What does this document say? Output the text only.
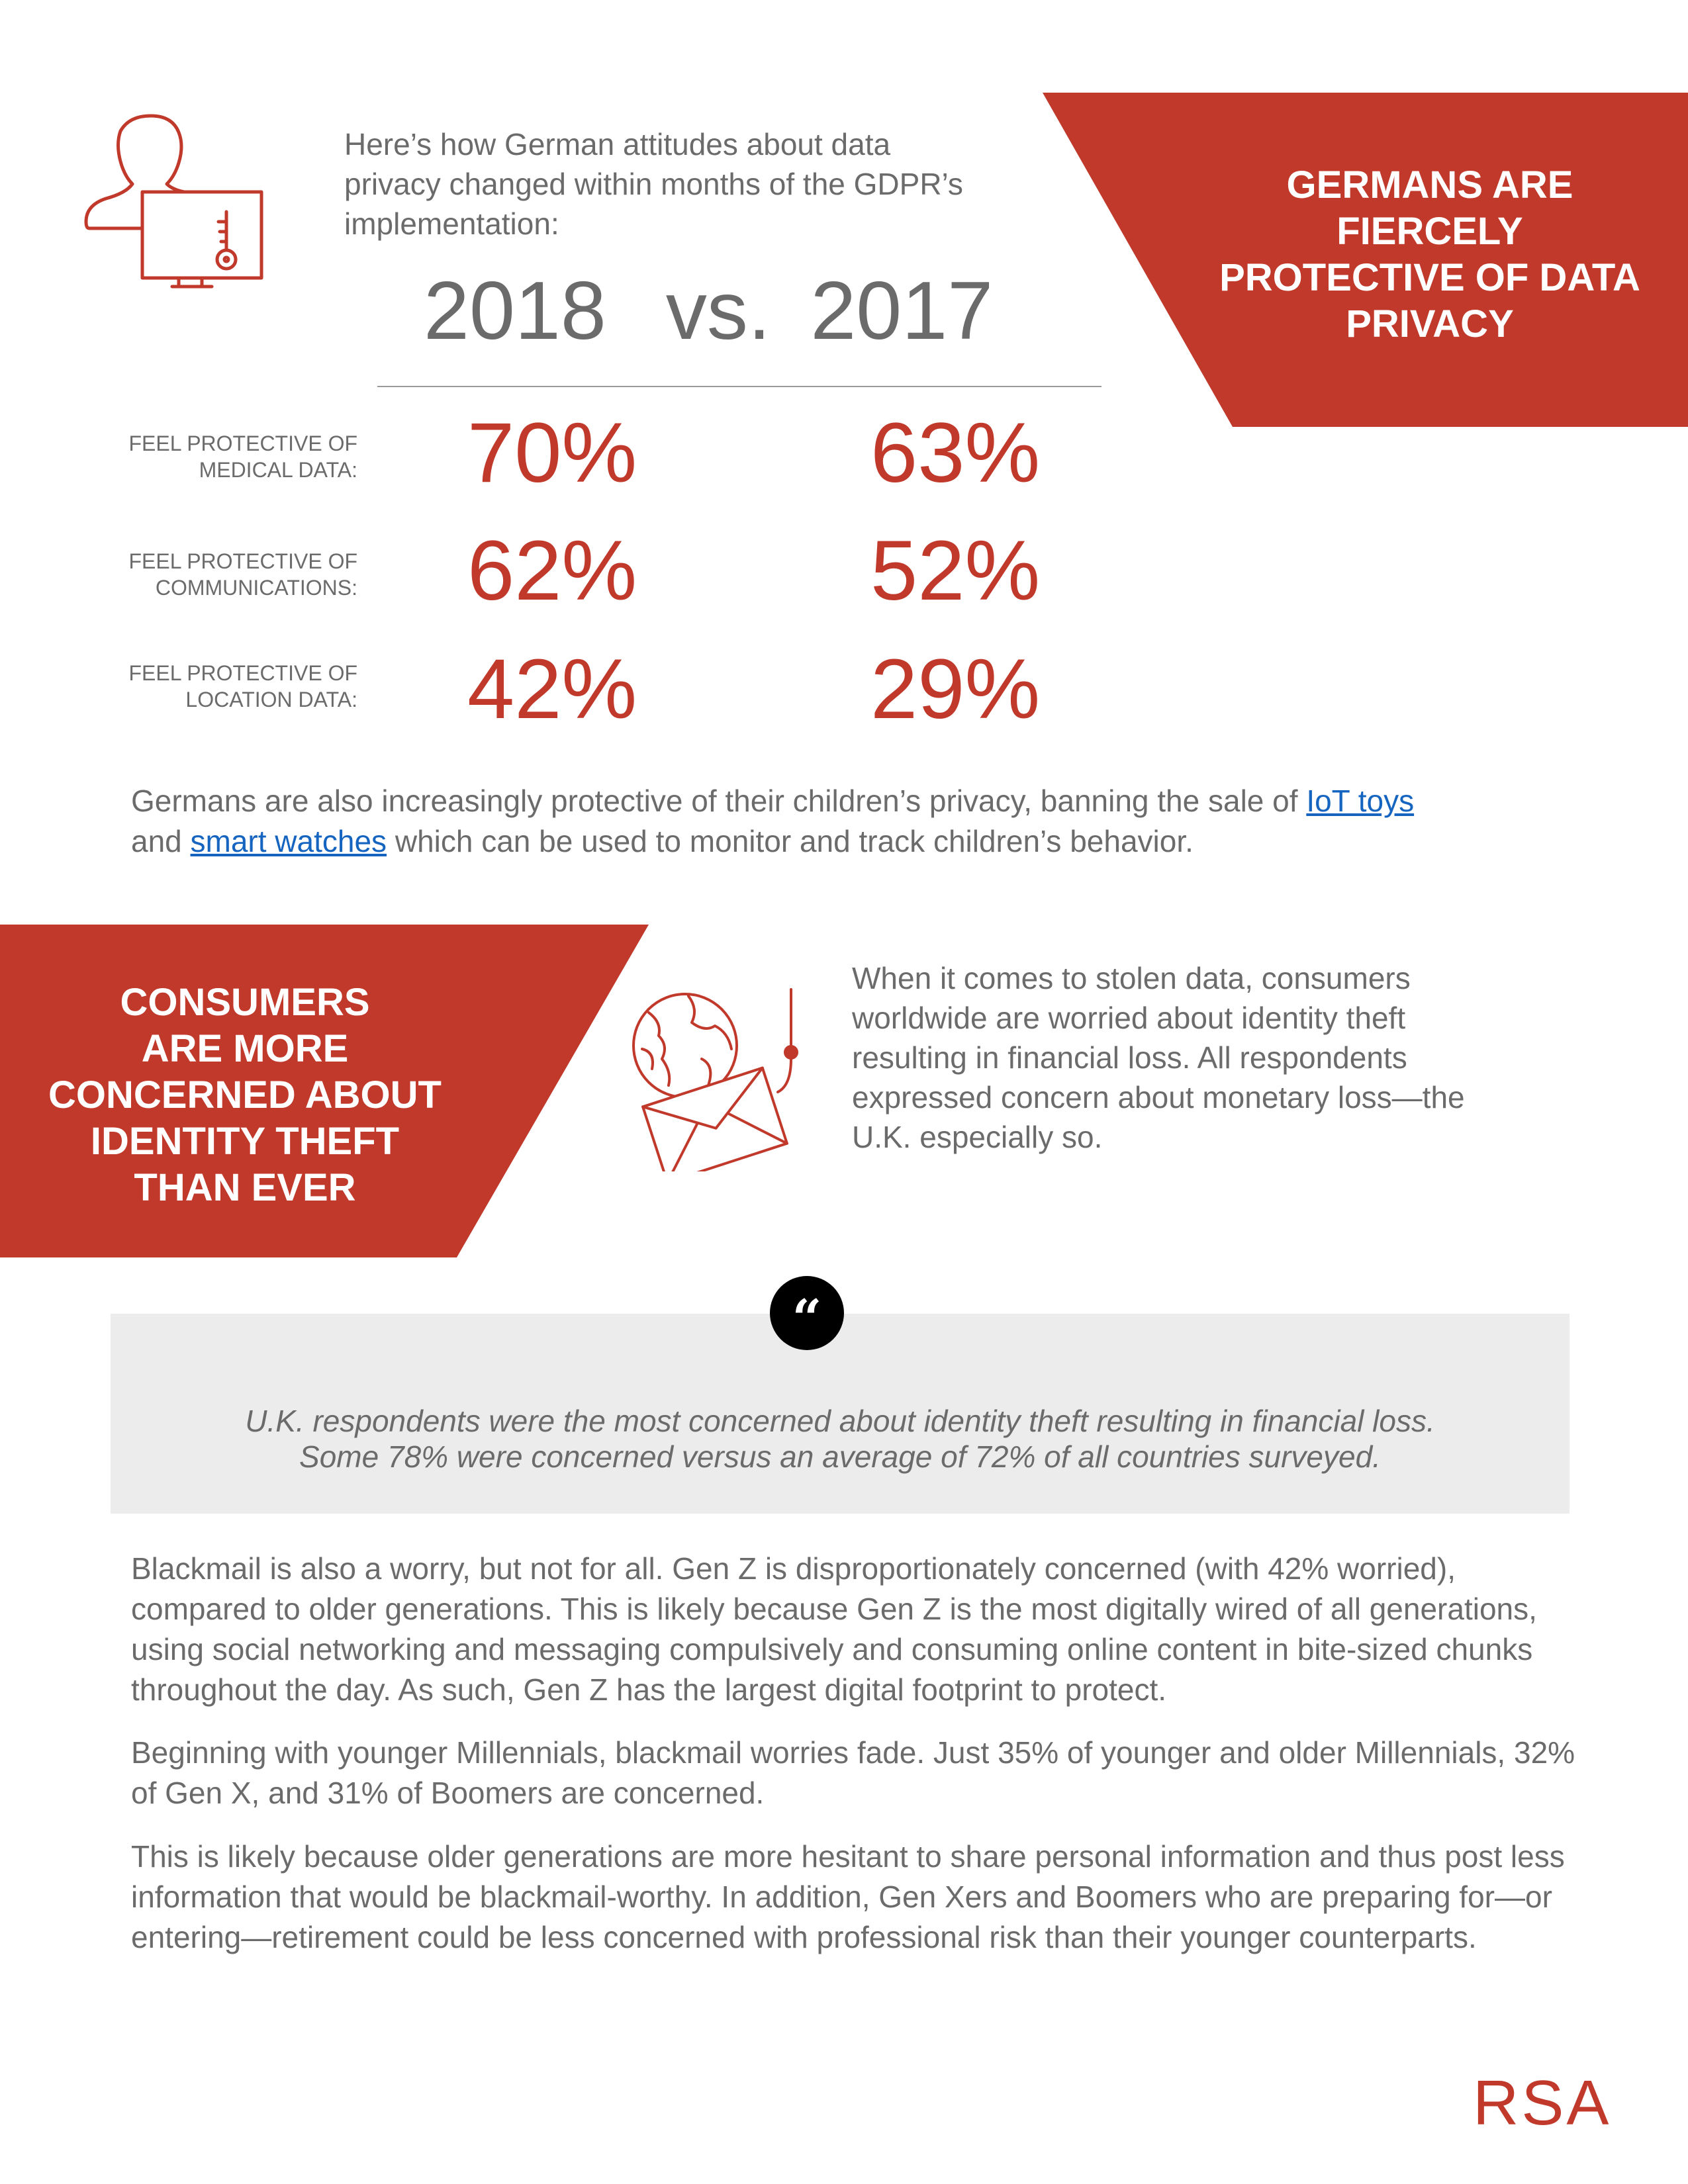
Here’s how German attitudes about data privacy changed within months of the GDPR’s implementation:
2018 vs. 2017
FEEL PROTECTIVE OF
MEDICAL DATA: 70%	63%
FEEL PROTECTIVE OF
COMMUNICATIONS: 62%	52%
FEEL PROTECTIVE OF
LOCATION DATA: 42%	29%
GERMANS ARE
FIERCELY
PROTECTIVE OF DATA
PRIVACY
Germans are also increasingly protective of their children’s privacy, banning the sale of IoT toys
and smart watches which can be used to monitor and track children’s behavior.
CONSUMERS
ARE MORE
CONCERNED ABOUT
IDENTITY THEFT
THAN EVER
When it comes to stolen data, consumers worldwide are worried about identity theft resulting in financial loss. All respondents expressed concern about monetary loss—the U.K. especially so.
“
U.K. respondents were the most concerned about identity theft resulting in financial loss.
Some 78% were concerned versus an average of 72% of all countries surveyed.
Blackmail is also a worry, but not for all. Gen Z is disproportionately concerned (with 42% worried), compared to older generations. This is likely because Gen Z is the most digitally wired of all generations, using social networking and messaging compulsively and consuming online content in bite-sized chunks throughout the day. As such, Gen Z has the largest digital footprint to protect.
Beginning with younger Millennials, blackmail worries fade. Just 35% of younger and older Millennials, 32% of Gen X, and 31% of Boomers are concerned.
This is likely because older generations are more hesitant to share personal information and thus post less information that would be blackmail-worthy. In addition, Gen Xers and Boomers who are preparing for—or entering—retirement could be less concerned with professional risk than their younger counterparts.
RSA
